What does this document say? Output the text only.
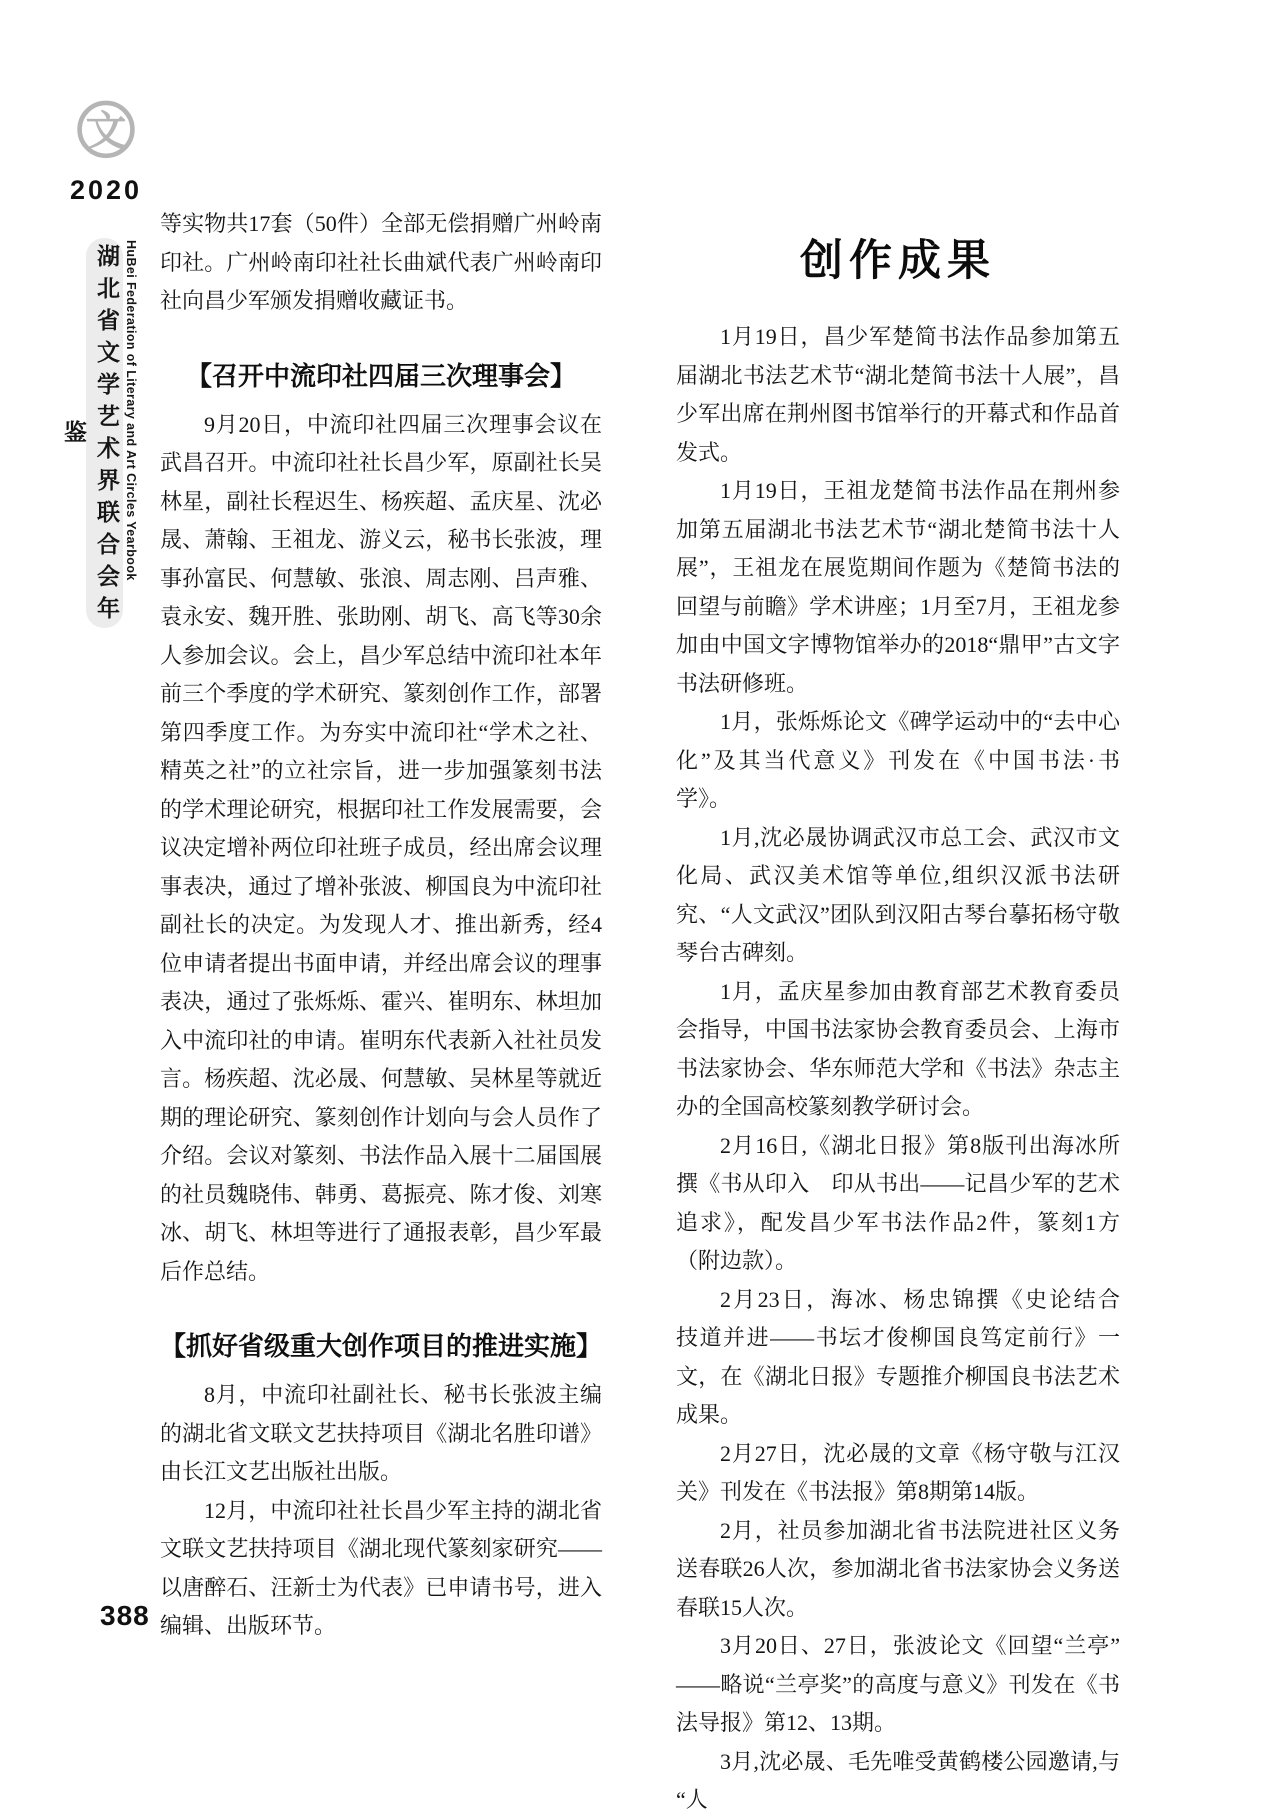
文
2020
湖北省文学艺术界联合会年鉴	HuBei Federation of Literary and Art Circles Yearbook

等实物共17套（50件）全部无偿捐赠广州岭南印社。广州岭南印社社长曲斌代表广州岭南印社向昌少军颁发捐赠收藏证书。

【召开中流印社四届三次理事会】

9月20日，中流印社四届三次理事会议在武昌召开。中流印社社长昌少军，原副社长吴林星，副社长程迟生、杨疾超、孟庆星、沈必晟、萧翰、王祖龙、游义云，秘书长张波，理事孙富民、何慧敏、张浪、周志刚、吕声雅、袁永安、魏开胜、张助刚、胡飞、高飞等30余人参加会议。会上，昌少军总结中流印社本年前三个季度的学术研究、篆刻创作工作，部署第四季度工作。为夯实中流印社“学术之社、精英之社”的立社宗旨，进一步加强篆刻书法的学术理论研究，根据印社工作发展需要，会议决定增补两位印社班子成员，经出席会议理事表决，通过了增补张波、柳国良为中流印社副社长的决定。为发现人才、推出新秀，经4位申请者提出书面申请，并经出席会议的理事表决，通过了张烁烁、霍兴、崔明东、林坦加入中流印社的申请。崔明东代表新入社社员发言。杨疾超、沈必晟、何慧敏、吴林星等就近期的理论研究、篆刻创作计划向与会人员作了介绍。会议对篆刻、书法作品入展十二届国展的社员魏晓伟、韩勇、葛振亮、陈才俊、刘寒冰、胡飞、林坦等进行了通报表彰，昌少军最后作总结。

【抓好省级重大创作项目的推进实施】

8月，中流印社副社长、秘书长张波主编的湖北省文联文艺扶持项目《湖北名胜印谱》由长江文艺出版社出版。

12月，中流印社社长昌少军主持的湖北省文联文艺扶持项目《湖北现代篆刻家研究——以唐醉石、汪新士为代表》已申请书号，进入编辑、出版环节。

创作成果

1月19日，昌少军楚简书法作品参加第五届湖北书法艺术节“湖北楚简书法十人展”，昌少军出席在荆州图书馆举行的开幕式和作品首发式。

1月19日，王祖龙楚简书法作品在荆州参加第五届湖北书法艺术节“湖北楚简书法十人展”，王祖龙在展览期间作题为《楚简书法的回望与前瞻》学术讲座；1月至7月，王祖龙参加由中国文字博物馆举办的2018“鼎甲”古文字书法研修班。

1月，张烁烁论文《碑学运动中的“去中心化”及其当代意义》刊发在《中国书法·书学》。

1月,沈必晟协调武汉市总工会、武汉市文化局、武汉美术馆等单位,组织汉派书法研究、“人文武汉”团队到汉阳古琴台摹拓杨守敬琴台古碑刻。

1月，孟庆星参加由教育部艺术教育委员会指导，中国书法家协会教育委员会、上海市书法家协会、华东师范大学和《书法》杂志主办的全国高校篆刻教学研讨会。

2月16日,《湖北日报》第8版刊出海冰所撰《书从印入　印从书出——记昌少军的艺术追求》，配发昌少军书法作品2件，篆刻1方（附边款）。

2月23日，海冰、杨忠锦撰《史论结合　技道并进——书坛才俊柳国良笃定前行》一文，在《湖北日报》专题推介柳国良书法艺术成果。

2月27日，沈必晟的文章《杨守敬与江汉关》刊发在《书法报》第8期第14版。

2月，社员参加湖北省书法院进社区义务送春联26人次，参加湖北省书法家协会义务送春联15人次。

3月20日、27日，张波论文《回望“兰亭”——略说“兰亭奖”的高度与意义》刊发在《书法导报》第12、13期。

3月,沈必晟、毛先唯受黄鹤楼公园邀请,与“人

388
